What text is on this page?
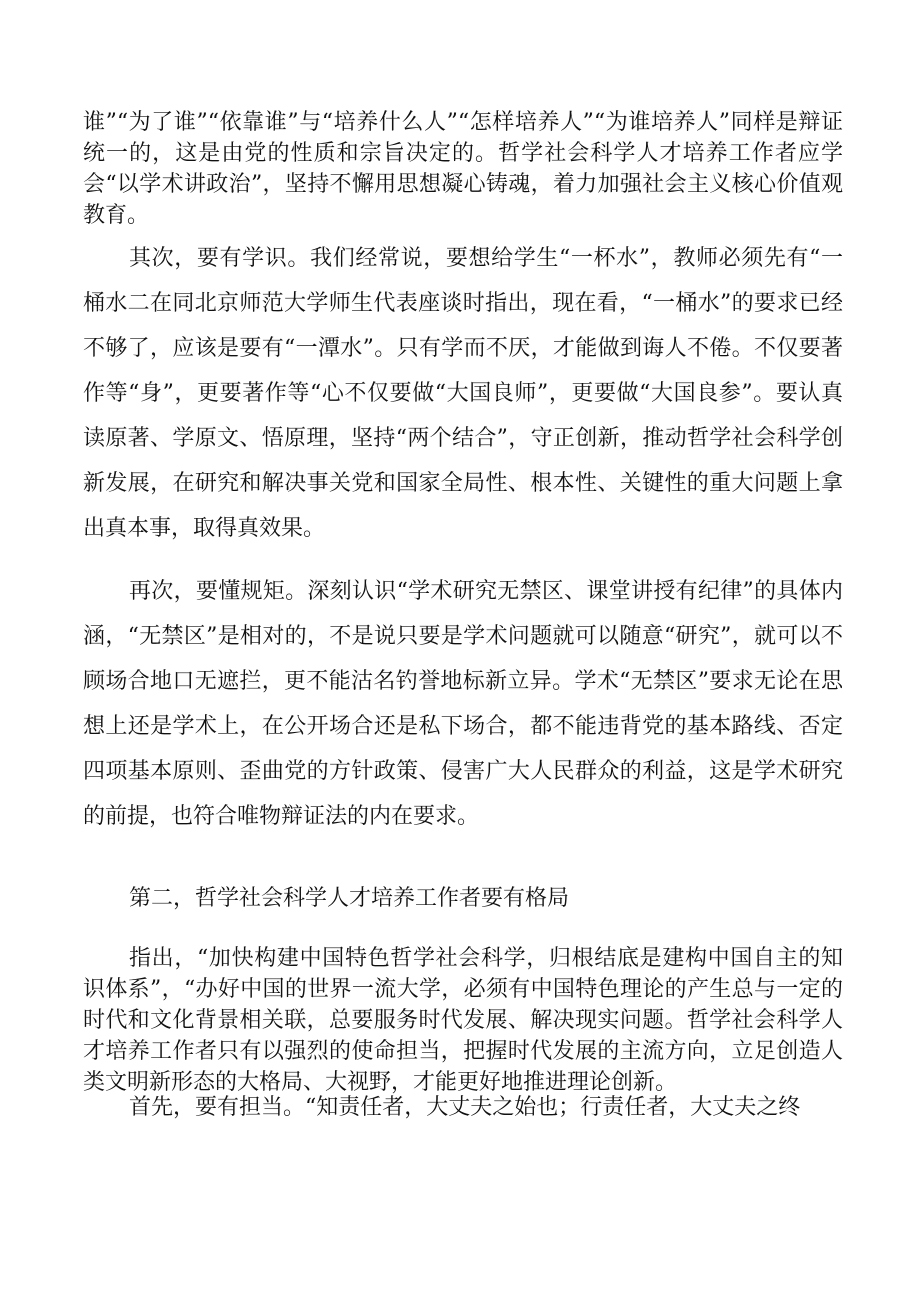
谁”“为了谁”“依靠谁”与“培养什么人”“怎样培养人”“为谁培养人”同样是辩证统一的，这是由党的性质和宗旨决定的。哲学社会科学人才培养工作者应学会“以学术讲政治”，坚持不懈用思想凝心铸魂，着力加强社会主义核心价值观教育。

其次，要有学识。我们经常说，要想给学生“一杯水”，教师必须先有“一桶水二在同北京师范大学师生代表座谈时指出，现在看，“一桶水”的要求已经不够了，应该是要有“一潭水”。只有学而不厌，才能做到诲人不倦。不仅要著作等“身”，更要著作等“心不仅要做“大国良师”，更要做“大国良参”。要认真读原著、学原文、悟原理，坚持“两个结合”，守正创新，推动哲学社会科学创新发展，在研究和解决事关党和国家全局性、根本性、关键性的重大问题上拿出真本事，取得真效果。

再次，要懂规矩。深刻认识“学术研究无禁区、课堂讲授有纪律”的具体内涵，“无禁区”是相对的，不是说只要是学术问题就可以随意“研究”，就可以不顾场合地口无遮拦，更不能沽名钓誉地标新立异。学术“无禁区”要求无论在思想上还是学术上，在公开场合还是私下场合，都不能违背党的基本路线、否定四项基本原则、歪曲党的方针政策、侵害广大人民群众的利益，这是学术研究的前提，也符合唯物辩证法的内在要求。

第二，哲学社会科学人才培养工作者要有格局

指出，“加快构建中国特色哲学社会科学，归根结底是建构中国自主的知识体系”，“办好中国的世界一流大学，必须有中国特色理论的产生总与一定的时代和文化背景相关联，总要服务时代发展、解决现实问题。哲学社会科学人才培养工作者只有以强烈的使命担当，把握时代发展的主流方向，立足创造人类文明新形态的大格局、大视野，才能更好地推进理论创新。

首先，要有担当。“知责任者，大丈夫之始也；行责任者，大丈夫之终
